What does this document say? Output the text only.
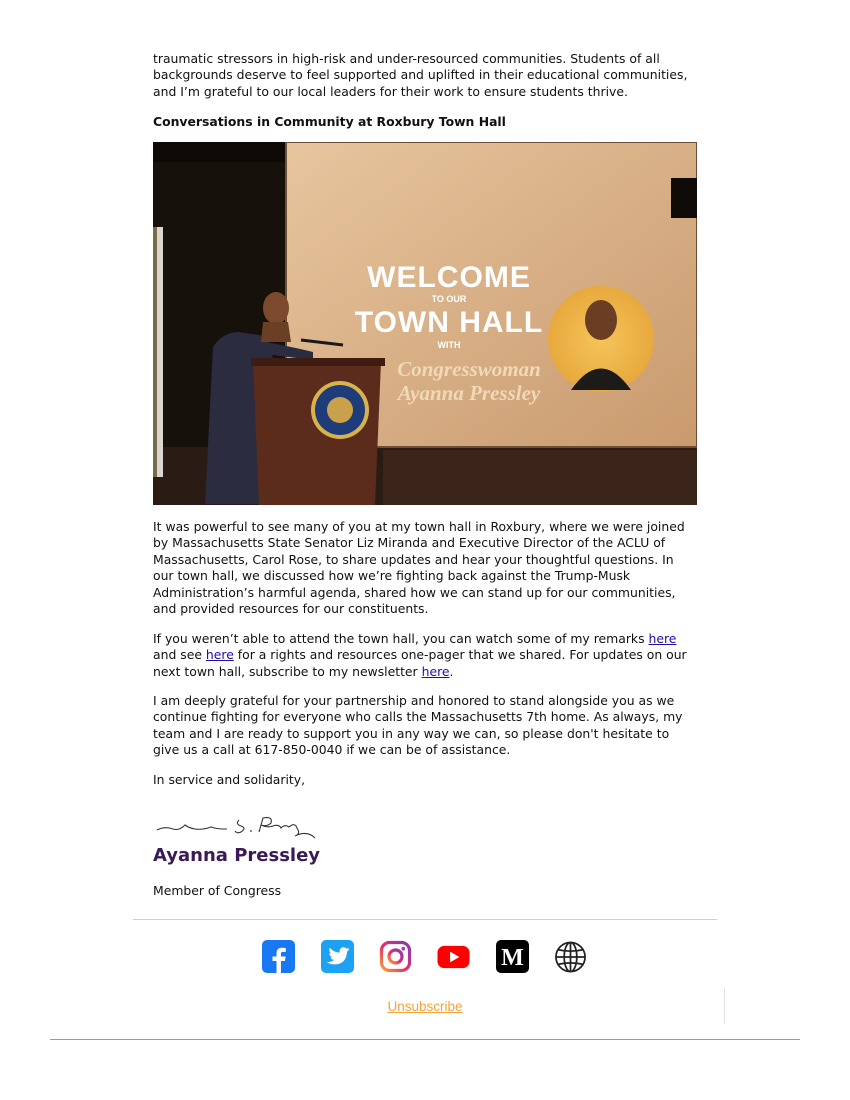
traumatic stressors in high-risk and under-resourced communities. Students of all backgrounds deserve to feel supported and uplifted in their educational communities, and I’m grateful to our local leaders for their work to ensure students thrive.

Conversations in Community at Roxbury Town Hall

WELCOME
TO OUR
TOWN HALL
WITH
Congresswoman
Ayanna Pressley

It was powerful to see many of you at my town hall in Roxbury, where we were joined by Massachusetts State Senator Liz Miranda and Executive Director of the ACLU of Massachusetts, Carol Rose, to share updates and hear your thoughtful questions. In our town hall, we discussed how we’re fighting back against the Trump-Musk Administration’s harmful agenda, shared how we can stand up for our communities, and provided resources for our constituents.

If you weren’t able to attend the town hall, you can watch some of my remarks here and see here for a rights and resources one-pager that we shared. For updates on our next town hall, subscribe to my newsletter here.

I am deeply grateful for your partnership and honored to stand alongside you as we continue fighting for everyone who calls the Massachusetts 7th home. As always, my team and I are ready to support you in any way we can, so please don't hesitate to give us a call at 617-850-0040 if we can be of assistance.

In service and solidarity,

Ayanna Pressley

Member of Congress

M
Unsubscribe
